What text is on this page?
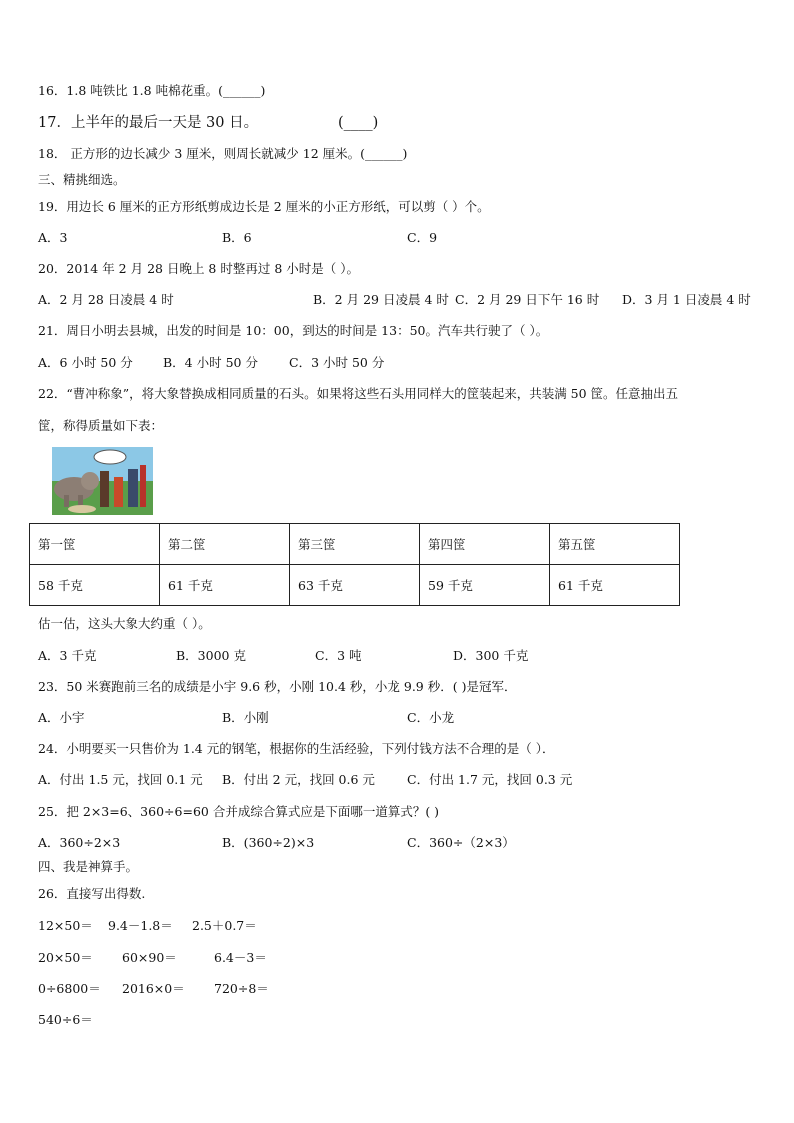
16．1.8 吨铁比 1.8 吨棉花重。(______)
17．上半年的最后一天是 30 日。	(____)
18． 正方形的边长减少 3 厘米，则周长就减少 12 厘米。(______)
三、精挑细选。
19．用边长 6 厘米的正方形纸剪成边长是 2 厘米的小正方形纸，可以剪（ ）个。
A．3	B．6	C．9
20．2014 年 2 月 28 日晚上 8 时整再过 8 小时是（ ）。
A．2 月 28 日凌晨 4 时	B．2 月 29 日凌晨 4 时 C．2 月 29 日下午 16 时 D．3 月 1 日凌晨 4 时
21．周日小明去县城，出发的时间是 10：00，到达的时间是 13：50。汽车共行驶了（ ）。
A．6 小时 50 分 B．4 小时 50 分 C．3 小时 50 分
22．“曹冲称象”，将大象替换成相同质量的石头。如果将这些石头用同样大的筐装起来，共装满 50 筐。任意抽出五
筐，称得质量如下表：
第一筐	第二筐	第三筐	第四筐	第五筐
58 千克	61 千克	63 千克	59 千克	61 千克
估一估，这头大象大约重（ ）。
A．3 千克	B．3000 克	C．3 吨	D．300 千克
23．50 米赛跑前三名的成绩是小宇 9.6 秒，小刚 10.4 秒，小龙 9.9 秒．( )是冠军．
A．小宇	B．小刚	C．小龙
24．小明要买一只售价为 1.4 元的钢笔，根据你的生活经验，下列付钱方法不合理的是（ ）．
A．付出 1.5 元，找回 0.1 元 B．付出 2 元，找回 0.6 元	C．付出 1.7 元，找回 0.3 元
25．把 2×3=6、360÷6=60 合并成综合算式应是下面哪一道算式？( )
A．360÷2×3	B．(360÷2)×3	C．360÷（2×3）
四、我是神算手。
26．直接写出得数.
12×50＝ 9.4－1.8＝ 2.5＋0.7＝
20×50＝ 60×90＝	6.4－3＝
0÷6800＝ 2016×0＝ 720÷8＝
540÷6＝
